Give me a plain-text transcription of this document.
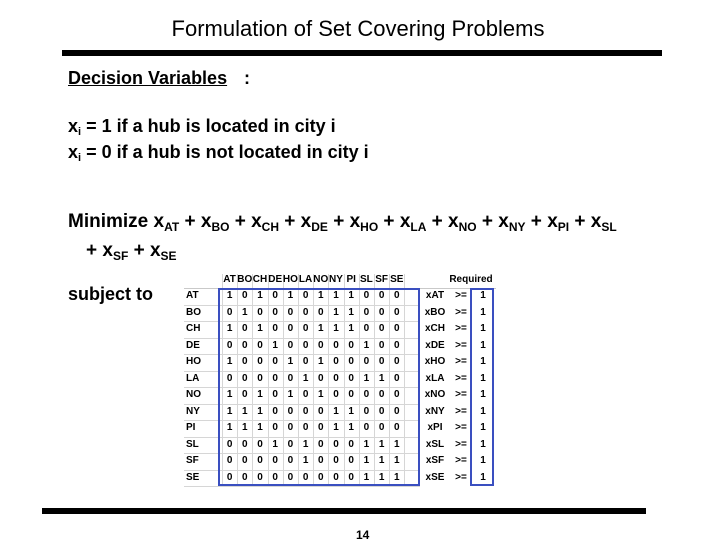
Formulation of Set Covering Problems
Decision Variables :
$x_i = 1$ if a hub is located in city i
$x_i = 0$ if a hub is not located in city i
Minimize $x_{AT} + x_{BO} + x_{CH} + x_{DE} + x_{HO} + x_{LA} + x_{NO} + x_{NY} + x_{PI} + x_{SL}$
+ $x_{SF} + x_{SE}$
subject to
AT BO CH DE HO LA NO NY PI SL SF SE	Required
AT	1 0 1 0 1 0 1 1 1 0 0 0	xAT	>=	1
BO	0 1 0 0 0 0 0 1 1 0 0 0	xBO >=	1
CH	1 0 1 0 0 0 1 1 1 0 0 0	xCH	>=	1
DE	0 0 0 1 0 0 0 0 0 1 0 0	xDE	>=	1
HO	1 0 0 0 1 0 1 0 0 0 0 0	xHO >=	1
LA	0 0 0 0 0 1 0 0 0 1 1 0	xLA	>=	1
NO	1 0 1 0 1 0 1 0 0 0 0 0	xNO >=	1
NY	1 1 1 0 0 0 0 1 1 0 0 0	xNY	>=	1
PI	1 1 1 0 0 0 0 1 1 0 0 0	xPI	>=	1
SL	0 0 0 1 0 1 0 0 0 1 1 1	xSL	>=	1
SF	0 0 0 0 0 1 0 0 0 1 1 1	xSF	>=	1
SE	0 0 0 0 0 0 0 0 0 1 1 1	xSE	>=	1
14
